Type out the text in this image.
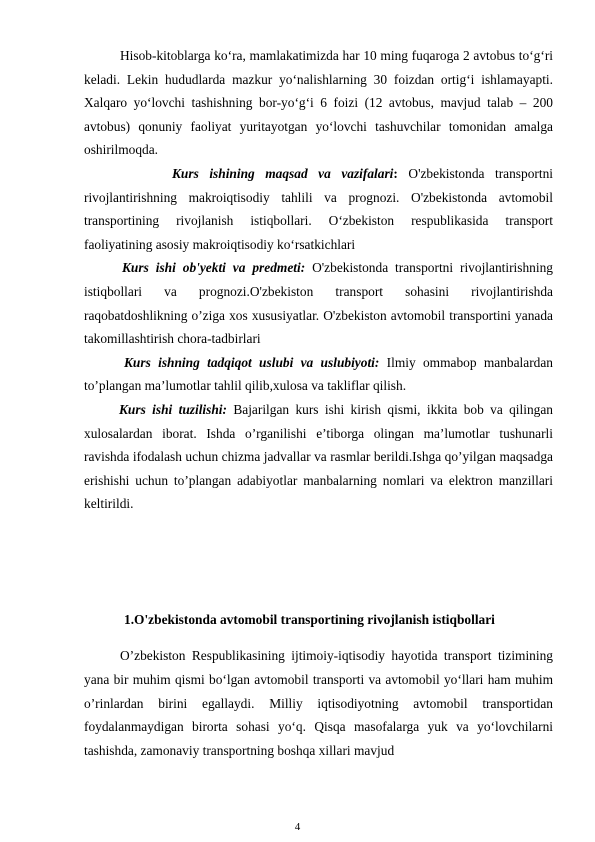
Hisob-kitoblarga ko‘ra, mamlakatimizda har 10 ming fuqaroga 2 avtobus to‘g‘ri keladi. Lekin hududlarda mazkur yo‘nalishlarning 30 foizdan ortig‘i ishlamayapti. Xalqaro yo‘lovchi tashishning bor-yo‘g‘i 6 foizi (12 avtobus, mavjud talab – 200 avtobus) qonuniy faoliyat yuritayotgan yo‘lovchi tashuvchilar tomonidan amalga oshirilmoqda.

Kurs ishining maqsad va vazifalari: O'zbekistonda transportni rivojlantirishning makroiqtisodiy tahlili va prognozi. O'zbekistonda avtomobil transportining rivojlanish istiqbollari. O‘zbekiston respublikasida transport faoliyatining asosiy makroiqtisodiy ko‘rsatkichlari

Kurs ishi ob'yekti va predmeti: O'zbekistonda transportni rivojlantirishning istiqbollari va prognozi.O'zbekiston transport sohasini rivojlantirishda raqobatdoshlikning o’ziga xos xususiyatlar. O'zbekiston avtomobil transportini yanada takomillashtirish chora-tadbirlari

Kurs ishning tadqiqot uslubi va uslubiyoti: Ilmiy ommabop manbalardan to’plangan ma’lumotlar tahlil qilib,xulosa va takliflar qilish.

Kurs ishi tuzilishi: Bajarilgan kurs ishi kirish qismi, ikkita bob va qilingan xulosalardan iborat. Ishda o’rganilishi e’tiborga olingan ma’lumotlar tushunarli ravishda ifodalash uchun chizma jadvallar va rasmlar berildi.Ishga qo’yilgan maqsadga erishishi uchun to’plangan adabiyotlar manbalarning nomlari va elektron manzillari keltirildi.

1.O'zbekistonda avtomobil transportining rivojlanish istiqbollari

O’zbekiston Respublikasining ijtimoiy-iqtisodiy hayotida transport tizimining yana bir muhim qismi bo‘lgan avtomobil transporti va avtomobil yo‘llari ham muhim o’rinlardan birini egallaydi. Milliy iqtisodiyotning avtomobil transportidan foydalanmaydigan birorta sohasi yo‘q. Qisqa masofalarga yuk va yo‘lovchilarni tashishda, zamonaviy transportning boshqa xillari mavjud

4
